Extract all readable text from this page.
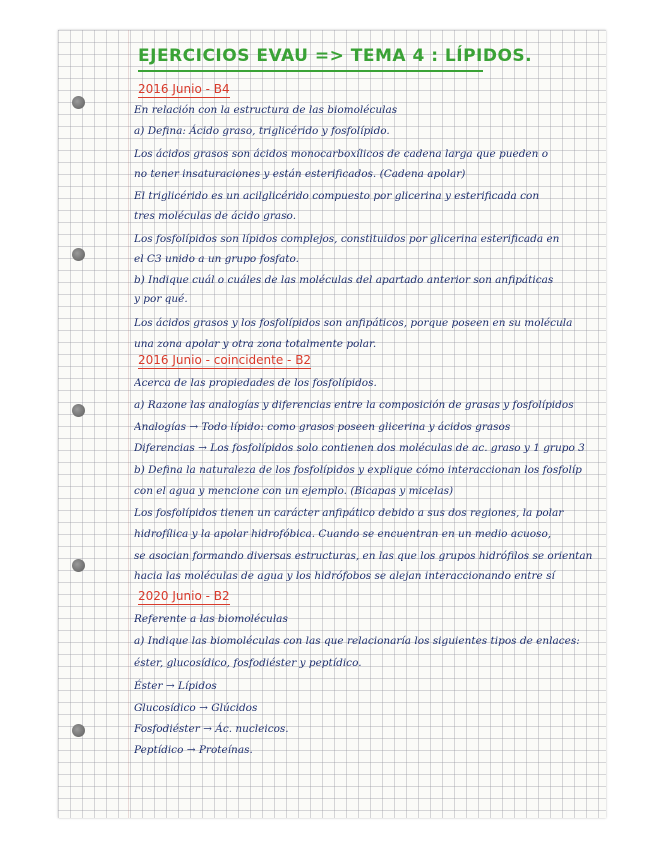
EJERCICIOS EVAU => TEMA 4 : LÍPIDOS.
2016 Junio - B4
En relación con la estructura de las biomoléculas
a) Defina: Ácido graso, triglicérido y fosfolípido.
Los ácidos grasos son ácidos monocarboxílicos de cadena larga que pueden o
no tener insaturaciones y están esterificados. (Cadena apolar)
El triglicérido es un acilglicérido compuesto por glicerina y esterificada con
tres moléculas de ácido graso.
Los fosfolípidos son lípidos complejos, constituidos por glicerina esterificada en
el C3 unido a un grupo fosfato.
b) Indique cuál o cuáles de las moléculas del apartado anterior son anfipáticas
y por qué.
Los ácidos grasos y los fosfolípidos son anfipáticos, porque poseen en su molécula
una zona apolar y otra zona totalmente polar.
2016 Junio - coincidente - B2
Acerca de las propiedades de los fosfolípidos.
a) Razone las analogías y diferencias entre la composición de grasas y fosfolípidos
Analogías → Todo lípido: como grasos poseen glicerina y ácidos grasos
Diferencias → Los fosfolípidos solo contienen dos moléculas de ac. graso y 1 grupo 3
b) Defina la naturaleza de los fosfolípidos y explique cómo interaccionan los fosfolíp
con el agua y mencione con un ejemplo. (Bicapas y micelas)
Los fosfolípidos tienen un carácter anfipático debido a sus dos regiones, la polar
hidrofílica y la apolar hidrofóbica. Cuando se encuentran en un medio acuoso,
se asocian formando diversas estructuras, en las que los grupos hidrófilos se orientan
hacia las moléculas de agua y los hidrófobos se alejan interaccionando entre sí
2020 Junio - B2
Referente a las biomoléculas
a) Indique las biomoléculas con las que relacionaría los siguientes tipos de enlaces:
éster, glucosídico, fosfodiéster y peptídico.
Éster → Lípidos
Glucosídico → Glúcidos
Fosfodiéster → Ác. nucleicos.
Peptídico → Proteínas.
